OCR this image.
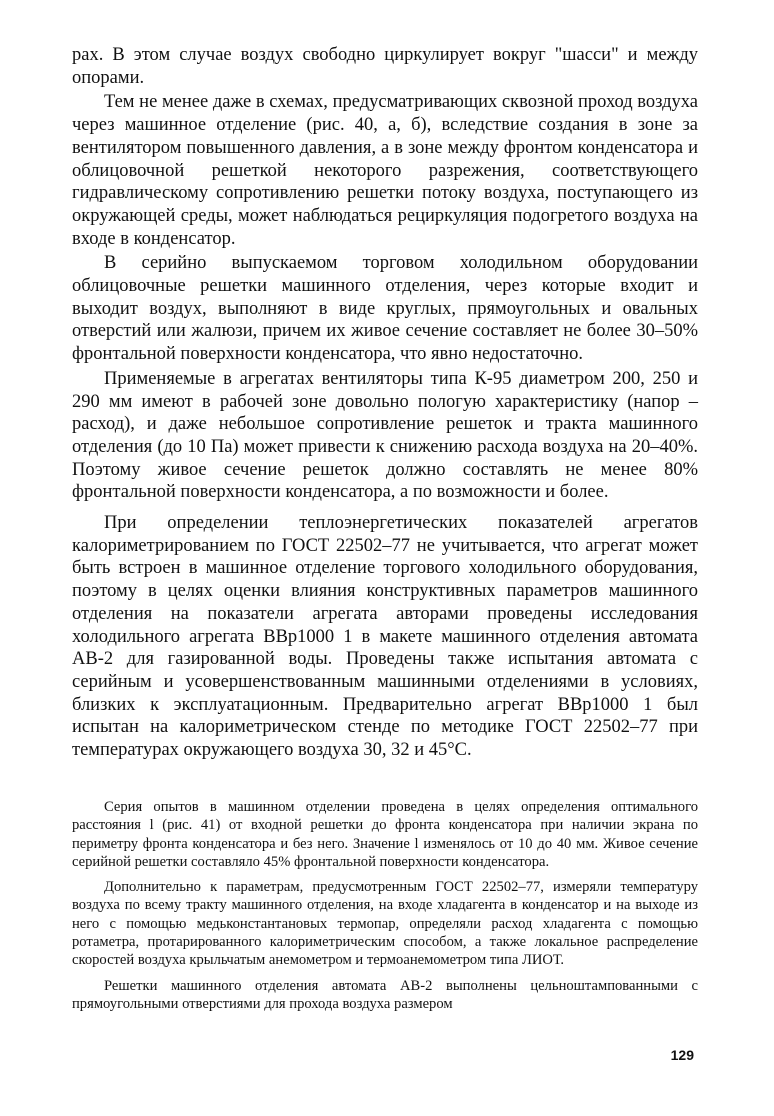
рах. В этом случае воздух свободно циркулирует вокруг "шасси" и между опорами.

Тем не менее даже в схемах, предусматривающих сквозной проход воздуха через машинное отделение (рис. 40, а, б), вследствие создания в зоне за вентилятором повышенного давления, а в зоне между фронтом конденсатора и облицовочной решеткой некоторого разрежения, соответствующего гидравлическому сопротивлению решетки потоку воздуха, поступающего из окружающей среды, может наблюдаться рециркуляция подогретого воздуха на входе в конденсатор.

В серийно выпускаемом торговом холодильном оборудовании облицовочные решетки машинного отделения, через которые входит и выходит воздух, выполняют в виде круглых, прямоугольных и овальных отверстий или жалюзи, причем их живое сечение составляет не более 30–50% фронтальной поверхности конденсатора, что явно недостаточно.

Применяемые в агрегатах вентиляторы типа К-95 диаметром 200, 250 и 290 мм имеют в рабочей зоне довольно пологую характеристику (напор – расход), и даже небольшое сопротивление решеток и тракта машинного отделения (до 10 Па) может привести к снижению расхода воздуха на 20–40%. Поэтому живое сечение решеток должно составлять не менее 80% фронтальной поверхности конденсатора, а по возможности и более.

При определении теплоэнергетических показателей агрегатов калориметрированием по ГОСТ 22502–77 не учитывается, что агрегат может быть встроен в машинное отделение торгового холодильного оборудования, поэтому в целях оценки влияния конструктивных параметров машинного отделения на показатели агрегата авторами проведены исследования холодильного агрегата ВВр1000 1 в макете машинного отделения автомата АВ-2 для газированной воды. Проведены также испытания автомата с серийным и усовершенствованным машинными отделениями в условиях, близких к эксплуатационным. Предварительно агрегат ВВр1000 1 был испытан на калориметрическом стенде по методике ГОСТ 22502–77 при температурах окружающего воздуха 30, 32 и 45°С.

Серия опытов в машинном отделении проведена в целях определения оптимального расстояния l (рис. 41) от входной решетки до фронта конденсатора при наличии экрана по периметру фронта конденсатора и без него. Значение l изменялось от 10 до 40 мм. Живое сечение серийной решетки составляло 45% фронтальной поверхности конденсатора.

Дополнительно к параметрам, предусмотренным ГОСТ 22502–77, измеряли температуру воздуха по всему тракту машинного отделения, на входе хладагента в конденсатор и на выходе из него с помощью медьконстантановых термопар, определяли расход хладагента с помощью ротаметра, протарированного калориметрическим способом, а также локальное распределение скоростей воздуха крыльчатым анемометром и термоанемометром типа ЛИОТ.

Решетки машинного отделения автомата АВ-2 выполнены цельноштампованными с прямоугольными отверстиями для прохода воздуха размером

129
